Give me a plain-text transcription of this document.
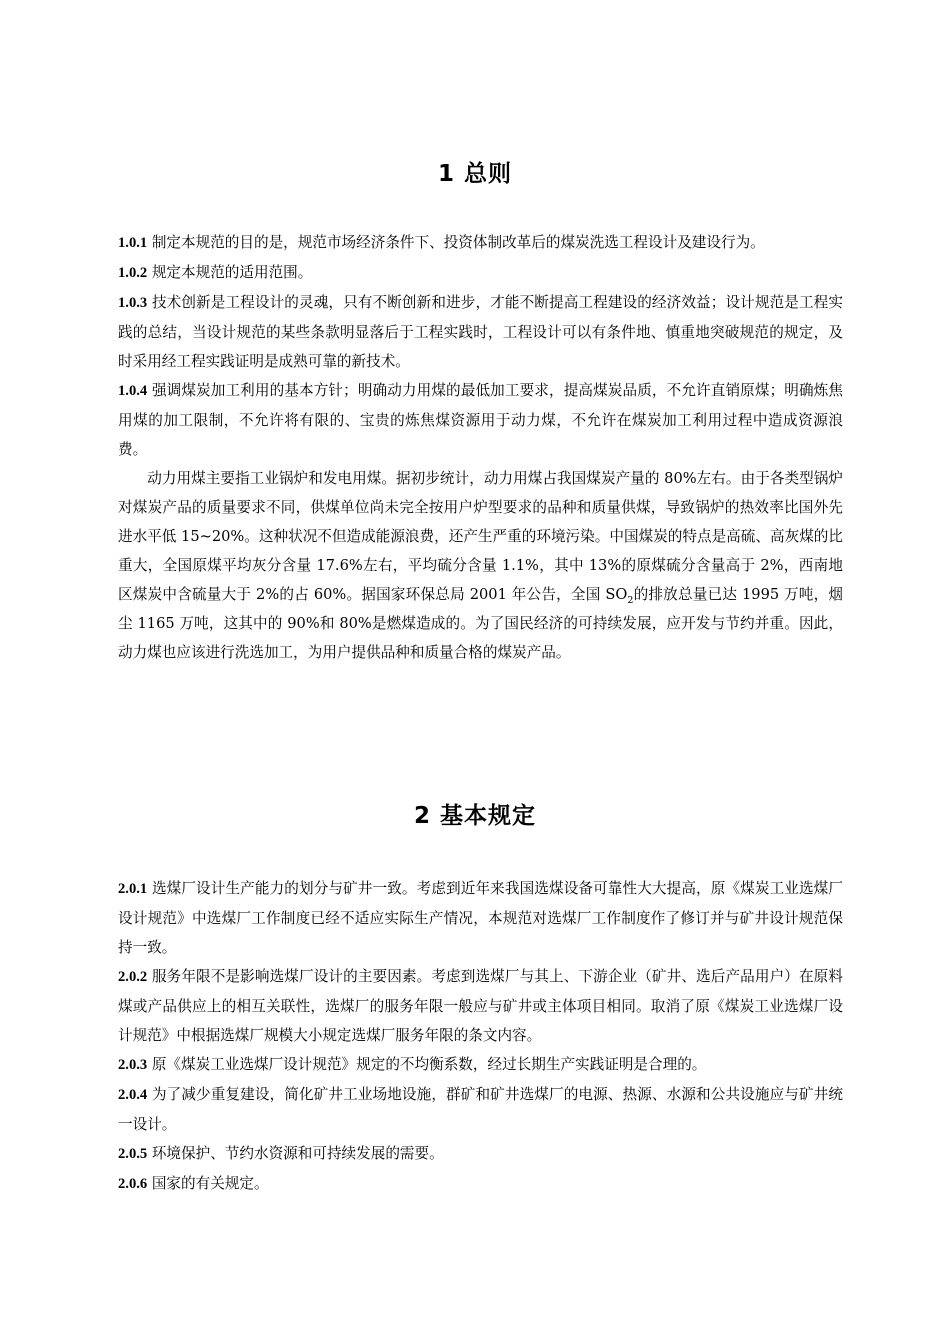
1 总则

1.0.1 制定本规范的目的是，规范市场经济条件下、投资体制改革后的煤炭洗选工程设计及建设行为。

1.0.2 规定本规范的适用范围。

1.0.3 技术创新是工程设计的灵魂，只有不断创新和进步，才能不断提高工程建设的经济效益；设计规范是工程实践的总结，当设计规范的某些条款明显落后于工程实践时，工程设计可以有条件地、慎重地突破规范的规定，及时采用经工程实践证明是成熟可靠的新技术。

1.0.4 强调煤炭加工利用的基本方针；明确动力用煤的最低加工要求，提高煤炭品质，不允许直销原煤；明确炼焦用煤的加工限制，不允许将有限的、宝贵的炼焦煤资源用于动力煤，不允许在煤炭加工利用过程中造成资源浪费。

动力用煤主要指工业锅炉和发电用煤。据初步统计，动力用煤占我国煤炭产量的 80%左右。由于各类型锅炉对煤炭产品的质量要求不同，供煤单位尚未完全按用户炉型要求的品种和质量供煤，导致锅炉的热效率比国外先进水平低 15~20%。这种状况不但造成能源浪费，还产生严重的环境污染。中国煤炭的特点是高硫、高灰煤的比重大，全国原煤平均灰分含量 17.6%左右，平均硫分含量 1.1%，其中 13%的原煤硫分含量高于 2%，西南地区煤炭中含硫量大于 2%的占 60%。据国家环保总局 2001 年公告，全国 $SO_2$的排放总量已达 1995 万吨，烟尘 1165 万吨，这其中的 90%和 80%是燃煤造成的。为了国民经济的可持续发展，应开发与节约并重。因此，动力煤也应该进行洗选加工，为用户提供品种和质量合格的煤炭产品。

2 基本规定

2.0.1 选煤厂设计生产能力的划分与矿井一致。考虑到近年来我国选煤设备可靠性大大提高，原《煤炭工业选煤厂设计规范》中选煤厂工作制度已经不适应实际生产情况，本规范对选煤厂工作制度作了修订并与矿井设计规范保持一致。

2.0.2 服务年限不是影响选煤厂设计的主要因素。考虑到选煤厂与其上、下游企业（矿井、选后产品用户）在原料煤或产品供应上的相互关联性，选煤厂的服务年限一般应与矿井或主体项目相同。取消了原《煤炭工业选煤厂设计规范》中根据选煤厂规模大小规定选煤厂服务年限的条文内容。

2.0.3 原《煤炭工业选煤厂设计规范》规定的不均衡系数，经过长期生产实践证明是合理的。

2.0.4 为了减少重复建设，简化矿井工业场地设施，群矿和矿井选煤厂的电源、热源、水源和公共设施应与矿井统一设计。

2.0.5 环境保护、节约水资源和可持续发展的需要。

2.0.6 国家的有关规定。
